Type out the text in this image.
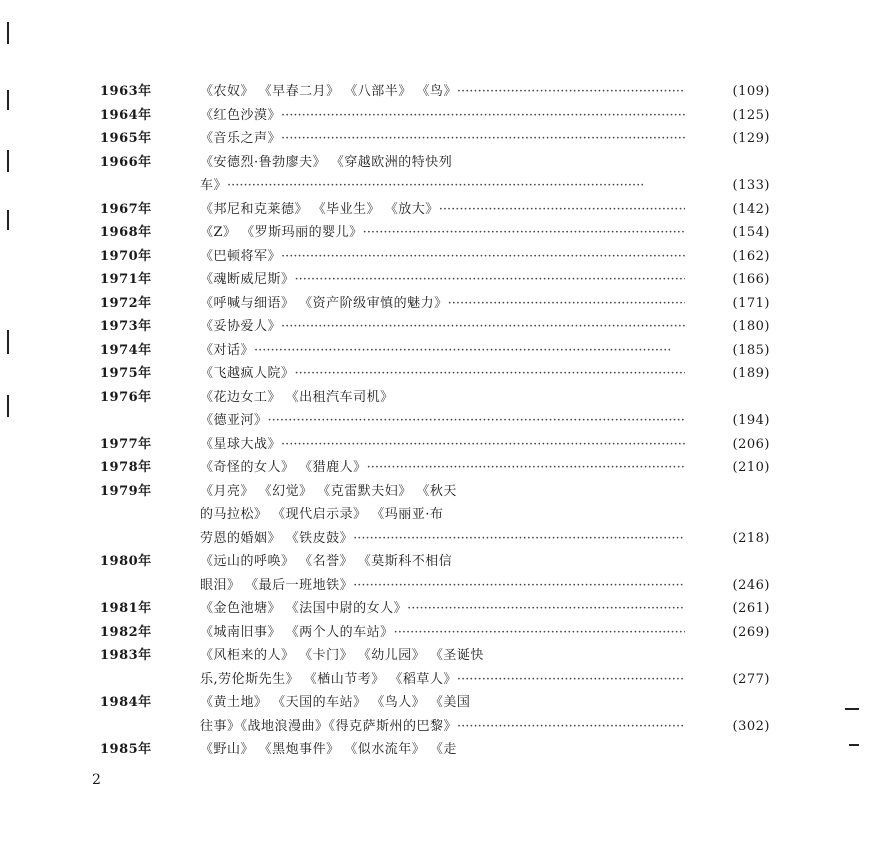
1963年	《农奴》 《早春二月》 《八部半》 《鸟》 ·····	(109)
1964年	《红色沙漠》 ·····	(125)
1965年	《音乐之声》 ·····	(129)
1966年	《安德烈·鲁勃廖夫》 《穿越欧洲的特快列
车》 ·····	(133)
1967年	《邦尼和克莱德》 《毕业生》 《放大》 ·····	(142)
1968年	《Z》 《罗斯玛丽的婴儿》 ·····	(154)
1970年	《巴顿将军》 ·····	(162)
1971年	《魂断威尼斯》 ·····	(166)
1972年	《呼喊与细语》 《资产阶级审慎的魅力》 ·····	(171)
1973年	《妥协爱人》 ·····	(180)
1974年	《对话》 ·····	(185)
1975年	《飞越疯人院》 ·····	(189)
1976年	《花边女工》 《出租汽车司机》
《德亚河》 ·····	(194)
1977年	《星球大战》 ·····	(206)
1978年	《奇怪的女人》 《猎鹿人》 ·····	(210)
1979年	《月亮》 《幻觉》 《克雷默夫妇》 《秋天
的马拉松》 《现代启示录》 《玛丽亚·布
劳恩的婚姻》 《铁皮鼓》 ·····	(218)
1980年	《远山的呼唤》 《名誉》 《莫斯科不相信
眼泪》 《最后一班地铁》 ·····	(246)
1981年	《金色池塘》 《法国中尉的女人》 ·····	(261)
1982年	《城南旧事》 《两个人的车站》 ·····	(269)
1983年	《风柜来的人》 《卡门》 《幼儿园》 《圣诞快
乐,劳伦斯先生》 《楢山节考》 《稻草人》 ·····	(277)
1984年	《黄土地》 《天国的车站》 《鸟人》 《美国
往事》《战地浪漫曲》《得克萨斯州的巴黎》 ·····	(302)
1985年	《野山》 《黑炮事件》 《似水流年》 《走
2
